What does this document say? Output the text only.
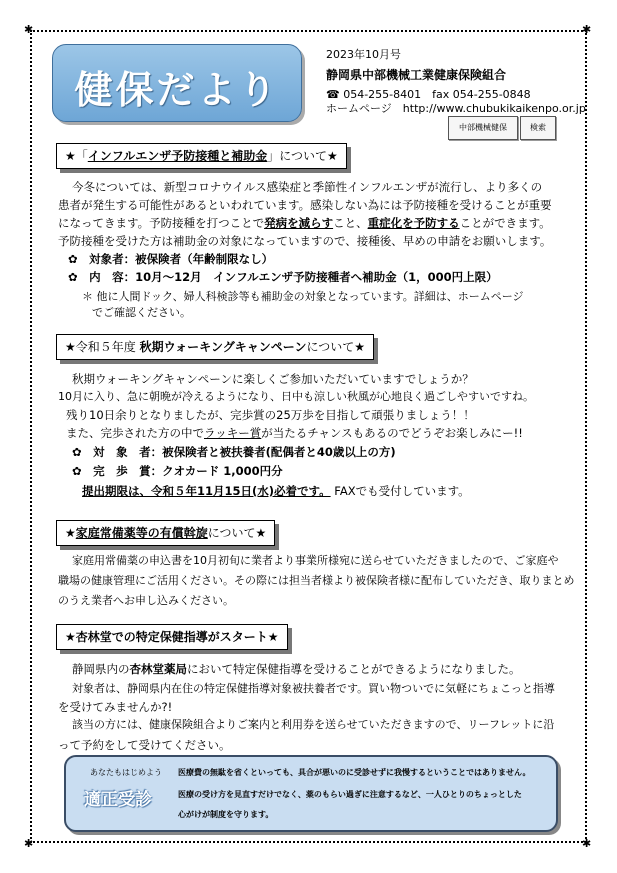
✱	✱
✱	✱
健保だより
2023年10月号
静岡県中部機械工業健康保険組合
☎ 054-255-8401　fax 054-255-0848
ホームページ　http://www.chubukikaikenpo.or.jp
中部機械健保	検索
★「インフルエンザ予防接種と補助金」について★
今冬については、新型コロナウイルス感染症と季節性インフルエンザが流行し、より多くの
患者が発生する可能性があるといわれています。感染しない為には予防接種を受けることが重要
になってきます。予防接種を打つことで発病を減らすこと、重症化を予防することができます。
予防接種を受けた方は補助金の対象になっていますので、接種後、早めの申請をお願いします。
✿　対象者：被保険者（年齢制限なし）
✿　内　容：10月～12月　インフルエンザ予防接種者へ補助金（1，000円上限）
＊ 他に人間ドック、婦人科検診等も補助金の対象となっています。詳細は、ホームページ
でご確認ください。
★令和５年度 秋期ウォーキングキャンペーンについて★
秋期ウォーキングキャンペーンに楽しくご参加いただいていますでしょうか？
10月に入り、急に朝晩が冷えるようになり、日中も涼しい秋風が心地良く過ごしやすいですね。
残り10日余りとなりましたが、完歩賞の25万歩を目指して頑張りましょう！！
また、完歩された方の中でラッキー賞が当たるチャンスもあるのでどうぞお楽しみにー!!
✿　対　象　者：被保険者と被扶養者(配偶者と40歳以上の方)
✿　完　歩　賞：クオカード 1,000円分
提出期限は、令和５年11月15日(水)必着です。 FAXでも受付しています。
★家庭常備薬等の有償斡旋について★
家庭用常備薬の申込書を10月初旬に業者より事業所様宛に送らせていただきましたので、ご家庭や
職場の健康管理にご活用ください。その際には担当者様より被保険者様に配布していただき、取りまとめ
のうえ業者へお申し込みください。
★杏林堂での特定保健指導がスタート★
静岡県内の杏林堂薬局において特定保健指導を受けることができるようになりました。
対象者は、静岡県内在住の特定保健指導対象被扶養者です。買い物ついでに気軽にちょこっと指導
を受けてみませんか?!
該当の方には、健康保険組合よりご案内と利用券を送らせていただきますので、リーフレットに沿
って予約をして受けてください。
あなたもはじめよう
適正受診
医療費の無駄を省くといっても、具合が悪いのに受診せずに我慢するということではありません。
医療の受け方を見直すだけでなく、薬のもらい過ぎに注意するなど、一人ひとりのちょっとした
心がけが制度を守ります。
